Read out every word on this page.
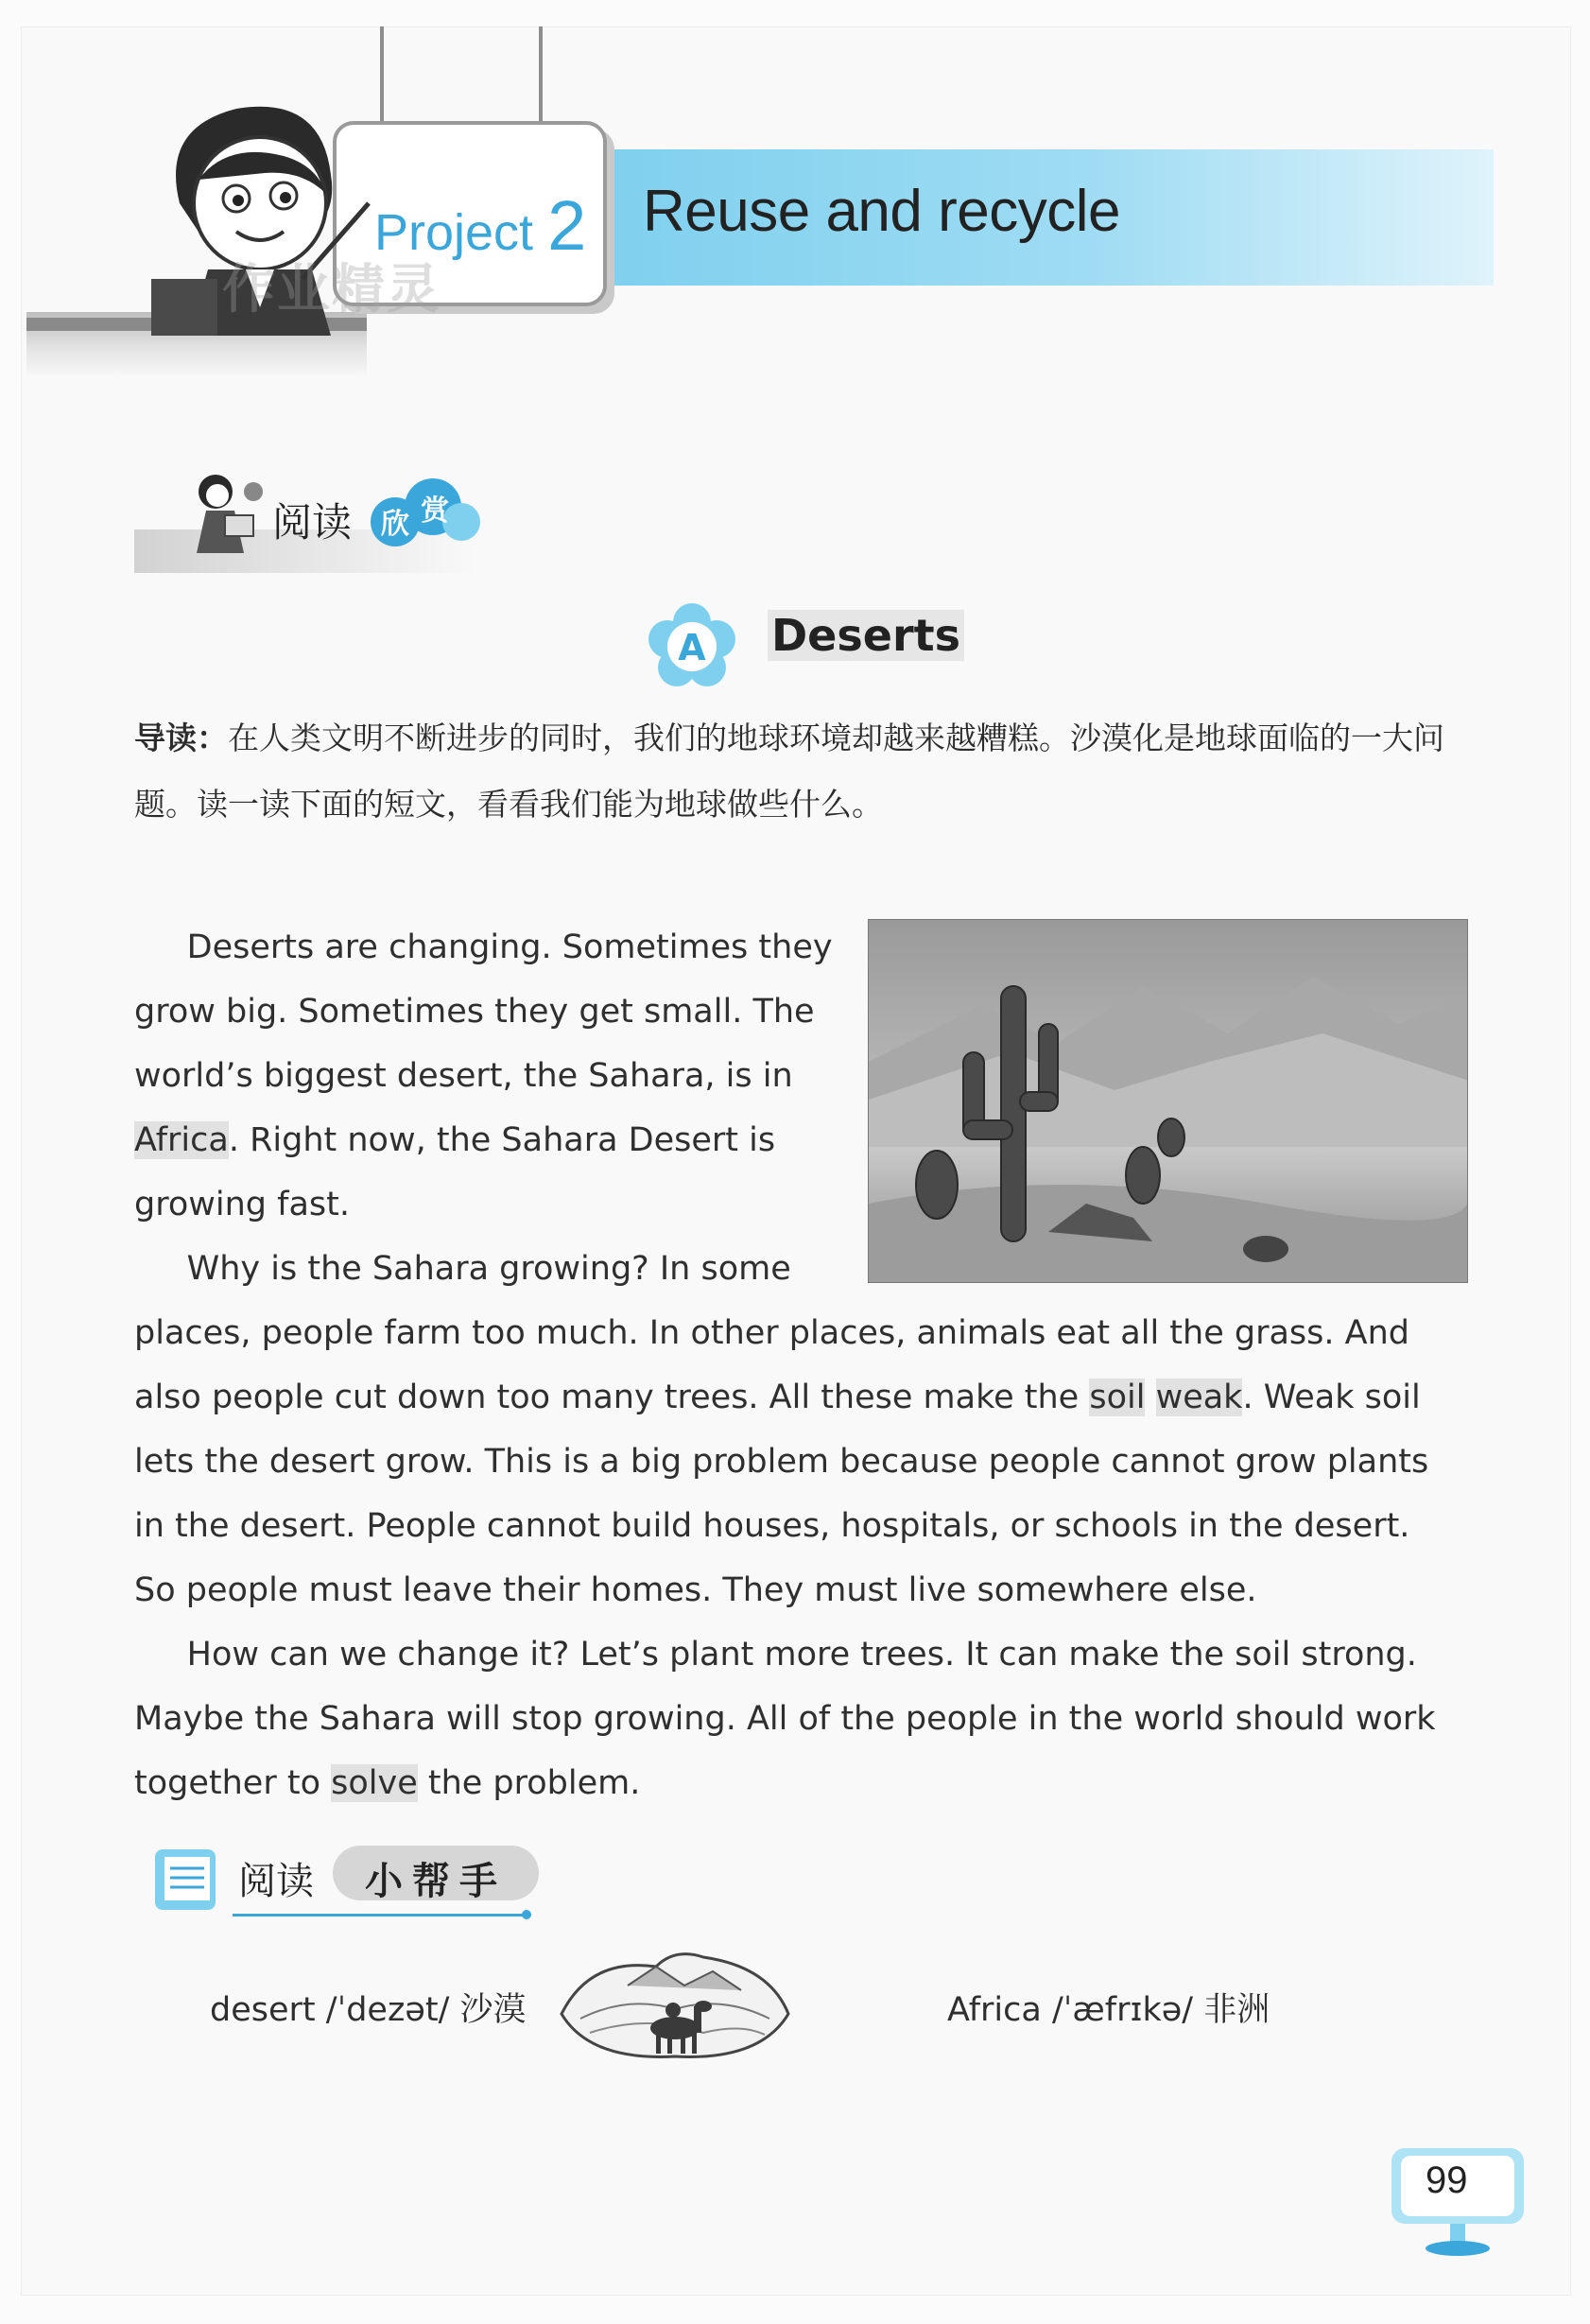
Reuse and recycle
Project 2
作业精灵
阅读 欣 赏
A Deserts
导读：在人类文明不断进步的同时，我们的地球环境却越来越糟糕。沙漠化是地球面临的一大问题。读一读下面的短文，看看我们能为地球做些什么。
Deserts are changing. Sometimes they
grow big. Sometimes they get small. The
world’s biggest desert, the Sahara, is in
Africa. Right now, the Sahara Desert is
growing fast.
Why is the Sahara growing? In some
places, people farm too much. In other places, animals eat all the grass. And
also people cut down too many trees. All these make the soil weak. Weak soil
lets the desert grow. This is a big problem because people cannot grow plants
in the desert. People cannot build houses, hospitals, or schools in the desert.
So people must leave their homes. They must live somewhere else.
How can we change it? Let’s plant more trees. It can make the soil strong.
Maybe the Sahara will stop growing. All of the people in the world should work
together to solve the problem.
阅读	小帮手
desert /ˈdezət/ 沙漠	Africa /ˈæfrɪkə/ 非洲
99
